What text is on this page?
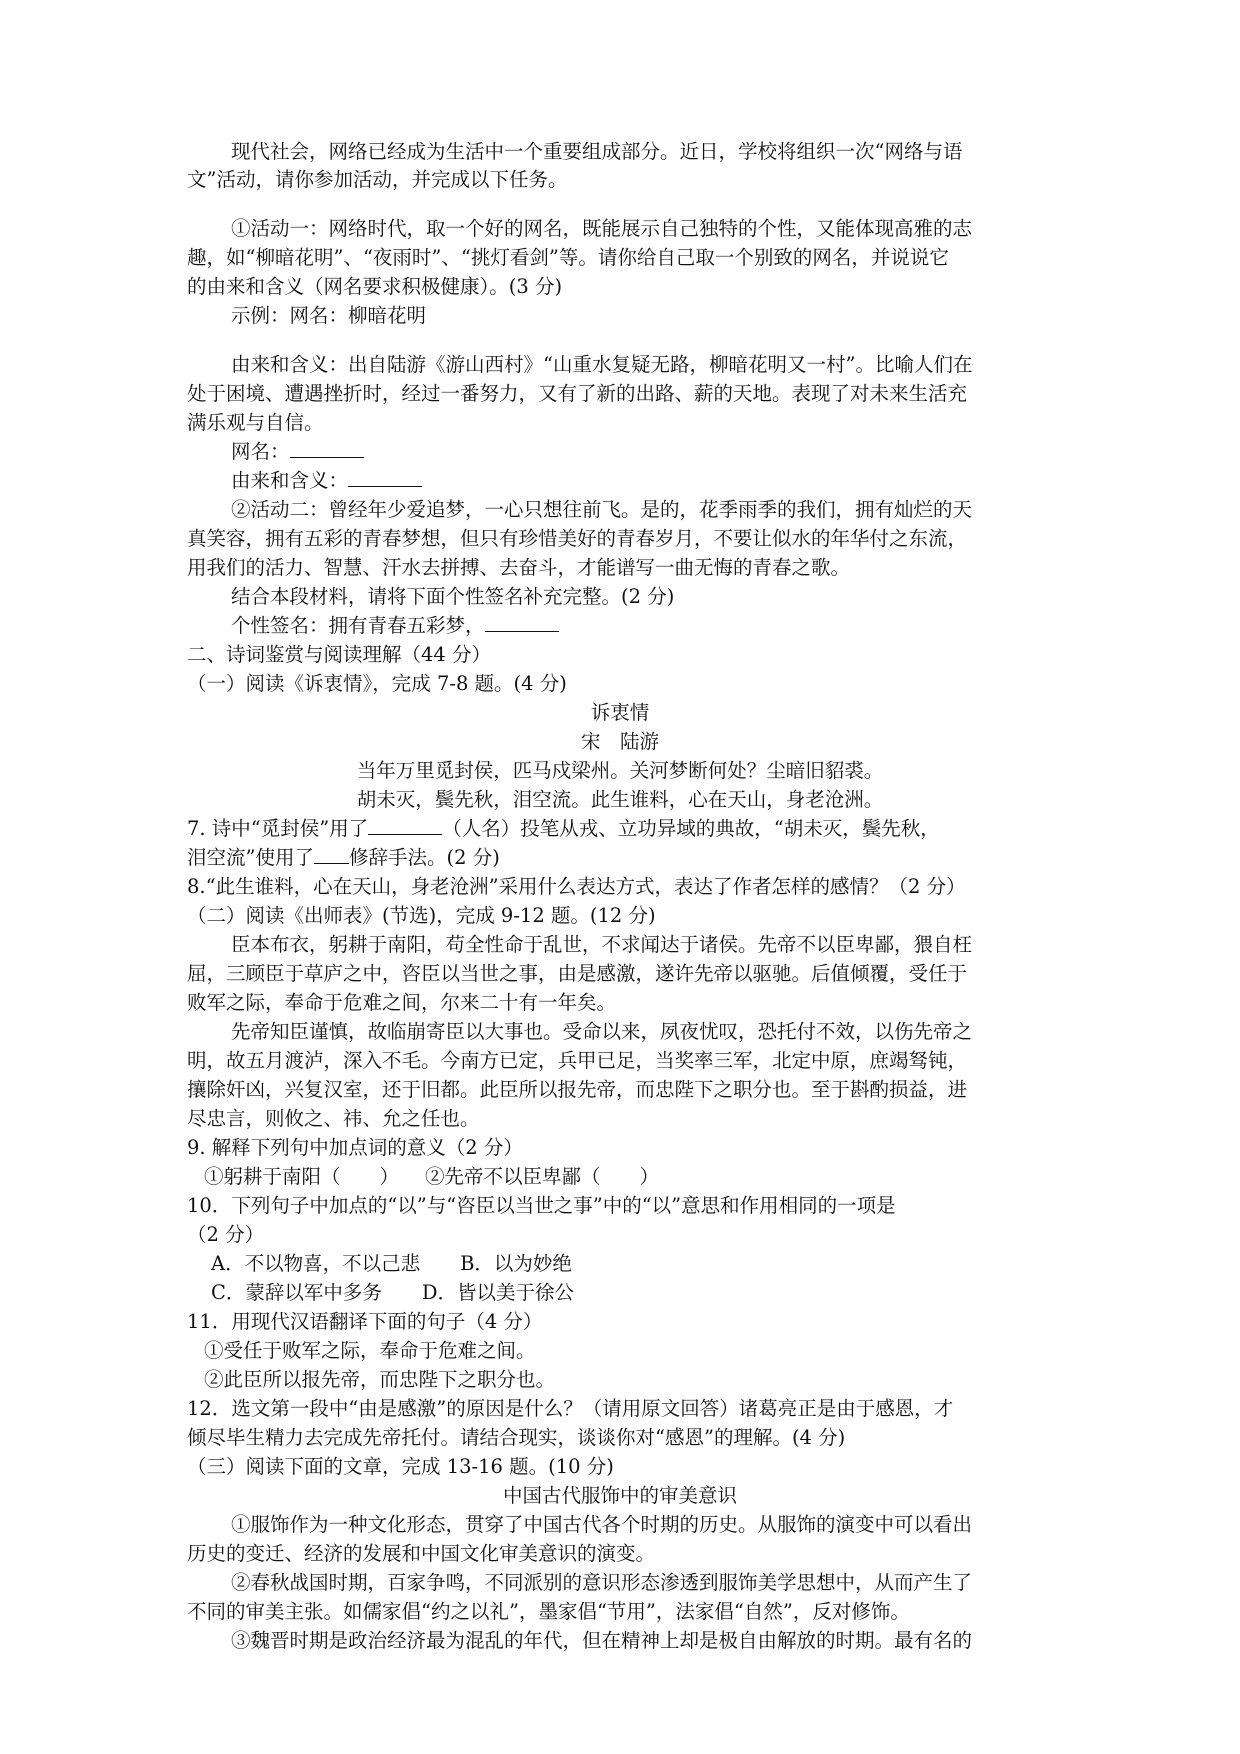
现代社会，网络已经成为生活中一个重要组成部分。近日，学校将组织一次“网络与语
文”活动，请你参加活动，并完成以下任务。
①活动一：网络时代，取一个好的网名，既能展示自己独特的个性，又能体现高雅的志
趣，如“柳暗花明”、“夜雨时”、“挑灯看剑”等。请你给自己取一个别致的网名，并说说它
的由来和含义（网名要求积极健康）。(3 分)
示例：网名：柳暗花明
由来和含义：出自陆游《游山西村》“山重水复疑无路，柳暗花明又一村”。比喻人们在
处于困境、遭遇挫折时，经过一番努力，又有了新的出路、薪的天地。表现了对未来生活充
满乐观与自信。
网名：
由来和含义：
②活动二：曾经年少爱追梦，一心只想往前飞。是的，花季雨季的我们，拥有灿烂的天
真笑容，拥有五彩的青春梦想，但只有珍惜美好的青春岁月，不要让似水的年华付之东流，
用我们的活力、智慧、汗水去拼搏、去奋斗，才能谱写一曲无悔的青春之歌。
结合本段材料，请将下面个性签名补充完整。(2 分)
个性签名：拥有青春五彩梦，
二、诗词鉴赏与阅读理解（44 分）
（一）阅读《诉衷情》，完成 7-8 题。(4 分)
诉衷情
宋　陆游
当年万里觅封侯，匹马戍梁州。关河梦断何处？尘暗旧貂裘。
胡未灭，鬓先秋，泪空流。此生谁料，心在天山，身老沧洲。
7. 诗中“觅封侯”用了	（人名）投笔从戎、立功异域的典故，“胡未灭，鬓先秋，
泪空流”使用了 修辞手法。(2 分)
8.“此生谁料，心在天山，身老沧洲”采用什么表达方式，表达了作者怎样的感情？（2 分）
（二）阅读《出师表》(节选)，完成 9-12 题。(12 分)
臣本布衣，躬耕于南阳，苟全性命于乱世，不求闻达于诸侯。先帝不以臣卑鄙，猥自枉
屈，三顾臣于草庐之中，咨臣以当世之事，由是感激，遂许先帝以驱驰。后值倾覆，受任于
败军之际，奉命于危难之间，尔来二十有一年矣。
先帝知臣谨慎，故临崩寄臣以大事也。受命以来，夙夜忧叹，恐托付不效，以伤先帝之
明，故五月渡泸，深入不毛。今南方已定，兵甲已足，当奖率三军，北定中原，庶竭驽钝，
攘除奸凶，兴复汉室，还于旧都。此臣所以报先帝，而忠陛下之职分也。至于斟酌损益，进
尽忠言，则攸之、祎、允之任也。
9. 解释下列句中加点词的意义（2 分）
①躬耕于南阳（　　） ②先帝不以臣卑鄙（　　）
10．下列句子中加点的“以”与“咨臣以当世之事”中的“以”意思和作用相同的一项是
（2 分）
A．不以物喜，不以己悲 B．以为妙绝
C．蒙辞以军中多务 D．皆以美于徐公
11．用现代汉语翻译下面的句子（4 分）
①受任于败军之际，奉命于危难之间。
②此臣所以报先帝，而忠陛下之职分也。
12．选文第一段中“由是感激”的原因是什么？（请用原文回答）诸葛亮正是由于感恩，才
倾尽毕生精力去完成先帝托付。请结合现实，谈谈你对“感恩”的理解。(4 分)
（三）阅读下面的文章，完成 13-16 题。(10 分)
中国古代服饰中的审美意识
①服饰作为一种文化形态，贯穿了中国古代各个时期的历史。从服饰的演变中可以看出
历史的变迁、经济的发展和中国文化审美意识的演变。
②春秋战国时期，百家争鸣，不同派别的意识形态渗透到服饰美学思想中，从而产生了
不同的审美主张。如儒家倡“约之以礼”，墨家倡“节用”，法家倡“自然”，反对修饰。
③魏晋时期是政治经济最为混乱的年代，但在精神上却是极自由解放的时期。最有名的
